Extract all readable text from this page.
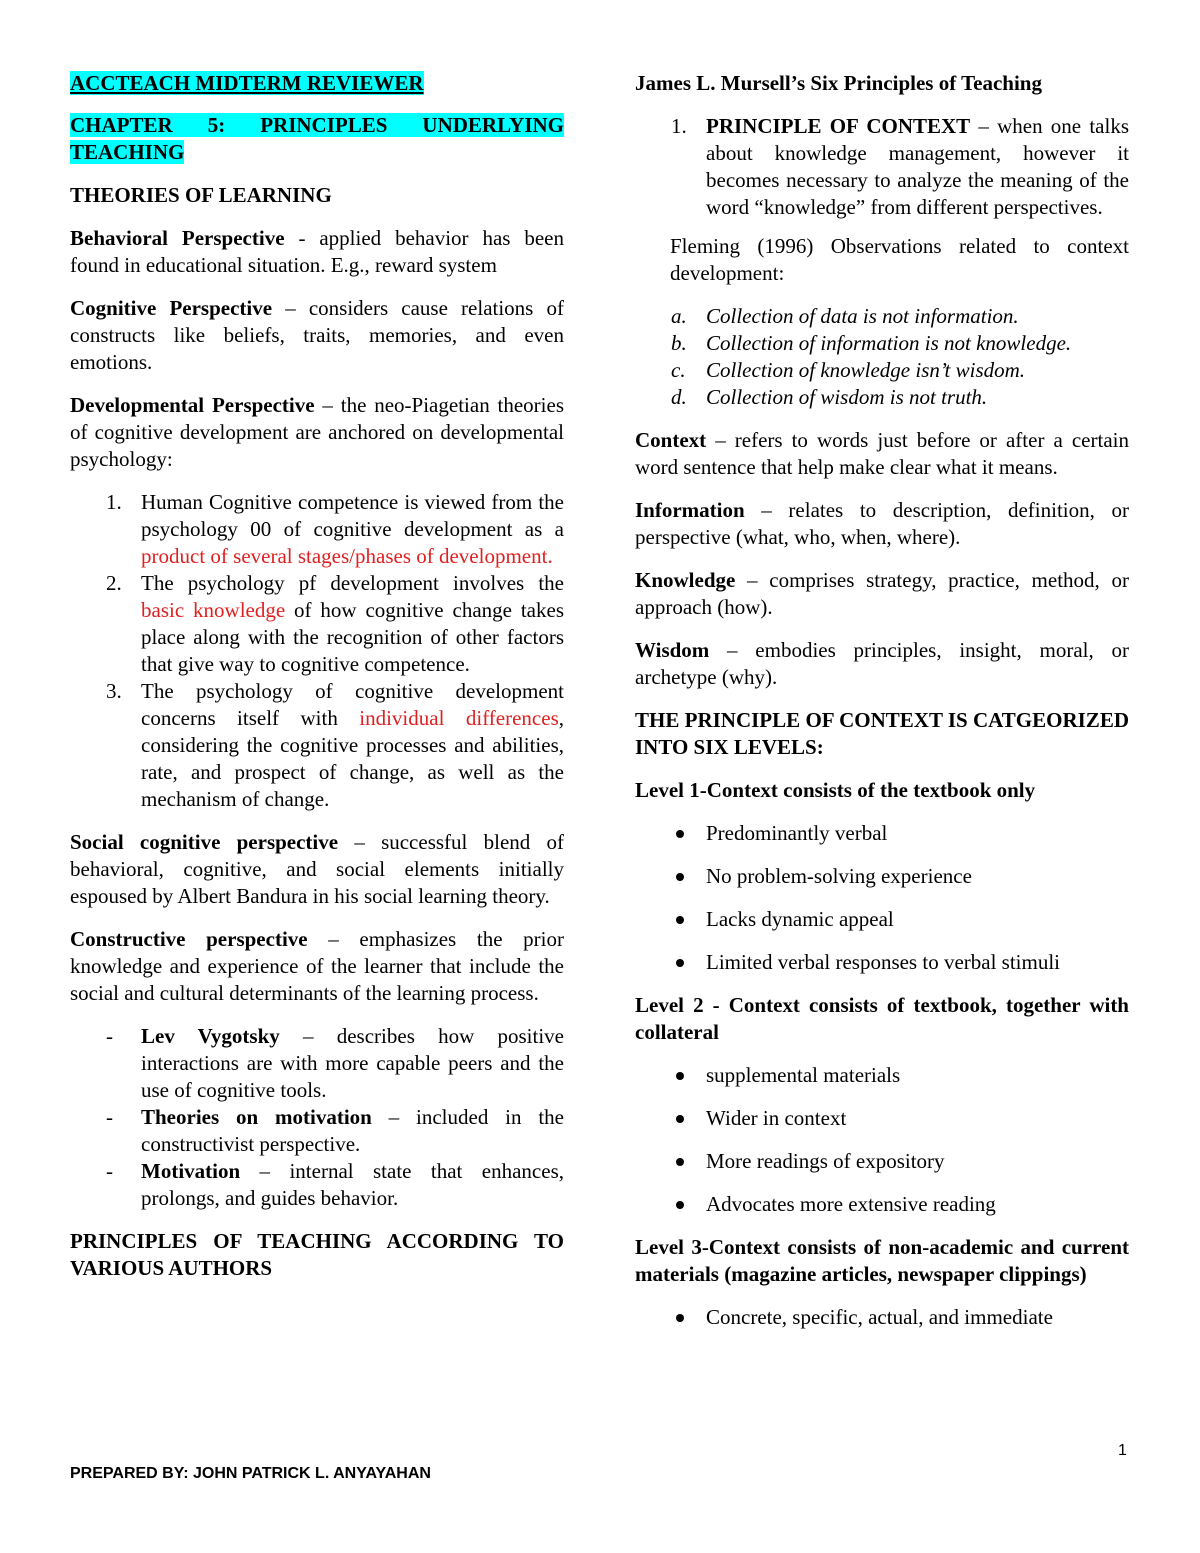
ACCTEACH MIDTERM REVIEWER
CHAPTER 5: PRINCIPLES UNDERLYING TEACHING
THEORIES OF LEARNING

Behavioral Perspective - applied behavior has been found in educational situation. E.g., reward system

Cognitive Perspective – considers cause relations of constructs like beliefs, traits, memories, and even emotions.

Developmental Perspective – the neo-Piagetian theories of cognitive development are anchored on developmental psychology:

1. Human Cognitive competence is viewed from the psychology 00 of cognitive development as a product of several stages/phases of development.
2. The psychology pf development involves the basic knowledge of how cognitive change takes place along with the recognition of other factors that give way to cognitive competence.
3. The psychology of cognitive development concerns itself with individual differences, considering the cognitive processes and abilities, rate, and prospect of change, as well as the mechanism of change.

Social cognitive perspective – successful blend of behavioral, cognitive, and social elements initially espoused by Albert Bandura in his social learning theory.

Constructive perspective – emphasizes the prior knowledge and experience of the learner that include the social and cultural determinants of the learning process.

- Lev Vygotsky – describes how positive interactions are with more capable peers and the use of cognitive tools.
- Theories on motivation – included in the constructivist perspective.
- Motivation – internal state that enhances, prolongs, and guides behavior.
PRINCIPLES OF TEACHING ACCORDING TO VARIOUS AUTHORS
James L. Mursell’s Six Principles of Teaching
1. PRINCIPLE OF CONTEXT – when one talks about knowledge management, however it becomes necessary to analyze the meaning of the word “knowledge” from different perspectives.

Fleming (1996) Observations related to context development:

a. Collection of data is not information.
b. Collection of information is not knowledge.
c. Collection of knowledge isn’t wisdom.
d. Collection of wisdom is not truth.

Context – refers to words just before or after a certain word sentence that help make clear what it means.

Information – relates to description, definition, or perspective (what, who, when, where).

Knowledge – comprises strategy, practice, method, or approach (how).

Wisdom – embodies principles, insight, moral, or archetype (why).

THE PRINCIPLE OF CONTEXT IS CATGEORIZED INTO SIX LEVELS:
Level 1-Context consists of the textbook only
Predominantly verbal
No problem-solving experience
Lacks dynamic appeal
Limited verbal responses to verbal stimuli
Level 2 - Context consists of textbook, together with collateral
supplemental materials
Wider in context
More readings of expository
Advocates more extensive reading
Level 3-Context consists of non-academic and current materials (magazine articles, newspaper clippings)
Concrete, specific, actual, and immediate
1
PREPARED BY: JOHN PATRICK L. ANYAYAHAN
